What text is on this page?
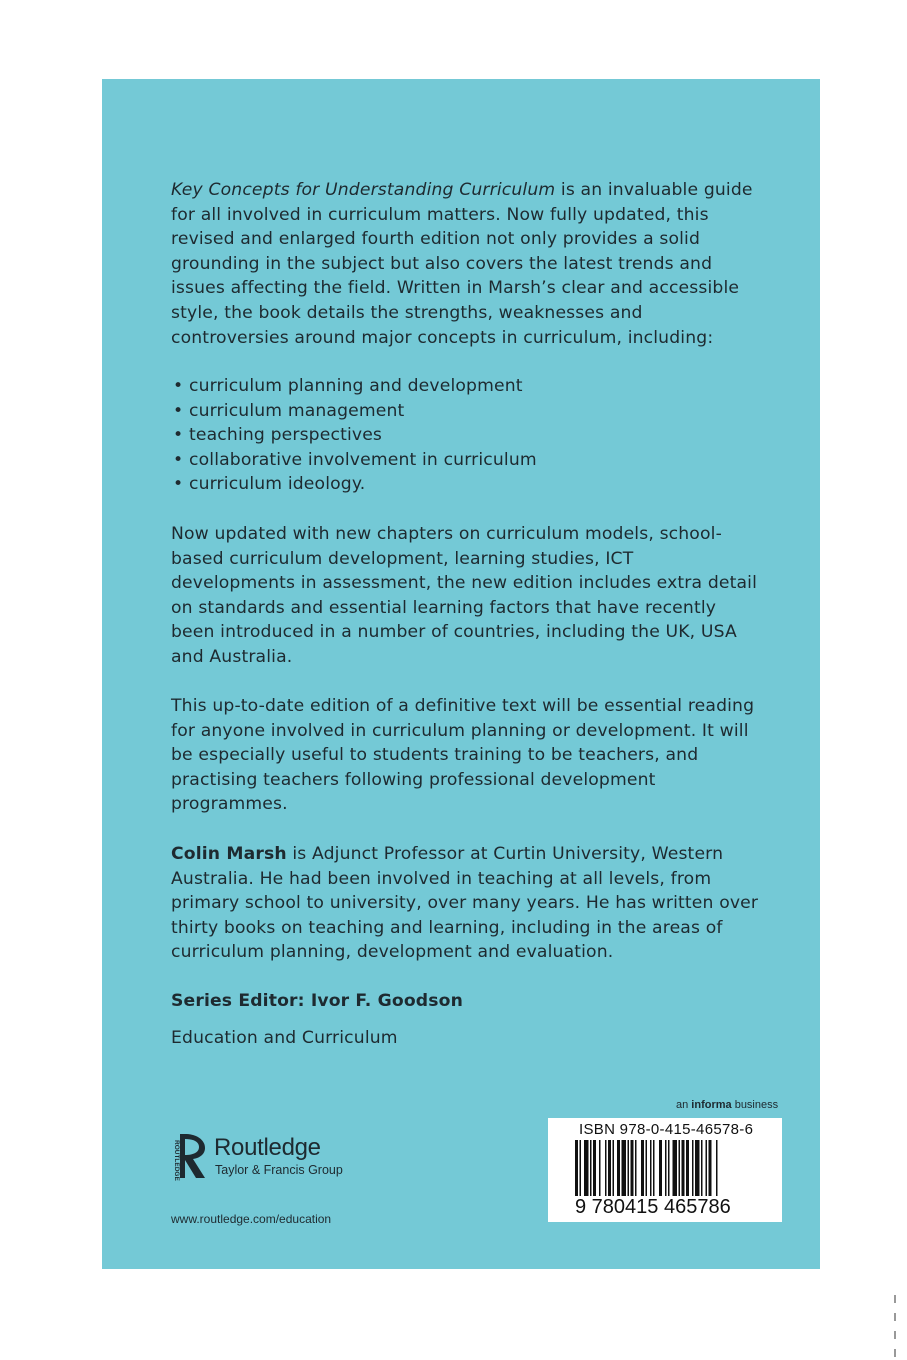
Key Concepts for Understanding Curriculum is an invaluable guide for all involved in curriculum matters. Now fully updated, this revised and enlarged fourth edition not only provides a solid grounding in the subject but also covers the latest trends and issues affecting the field. Written in Marsh’s clear and accessible style, the book details the strengths, weaknesses and controversies around major concepts in curriculum, including:

• curriculum planning and development
• curriculum management
• teaching perspectives
• collaborative involvement in curriculum
• curriculum ideology.

Now updated with new chapters on curriculum models, school-based curriculum development, learning studies, ICT developments in assessment, the new edition includes extra detail on standards and essential learning factors that have recently been introduced in a number of countries, including the UK, USA and Australia.

This up-to-date edition of a definitive text will be essential reading for anyone involved in curriculum planning or development. It will be especially useful to students training to be teachers, and practising teachers following professional development programmes.

Colin Marsh is Adjunct Professor at Curtin University, Western Australia. He had been involved in teaching at all levels, from primary school to university, over many years. He has written over thirty books on teaching and learning, including in the areas of curriculum planning, development and evaluation.

Series Editor: Ivor F. Goodson
Education and Curriculum
an informa business
ISBN 978-0-415-46578-6
9 780415 465786
ROUTLEDGE Routledge
Taylor & Francis Group
www.routledge.com/education
